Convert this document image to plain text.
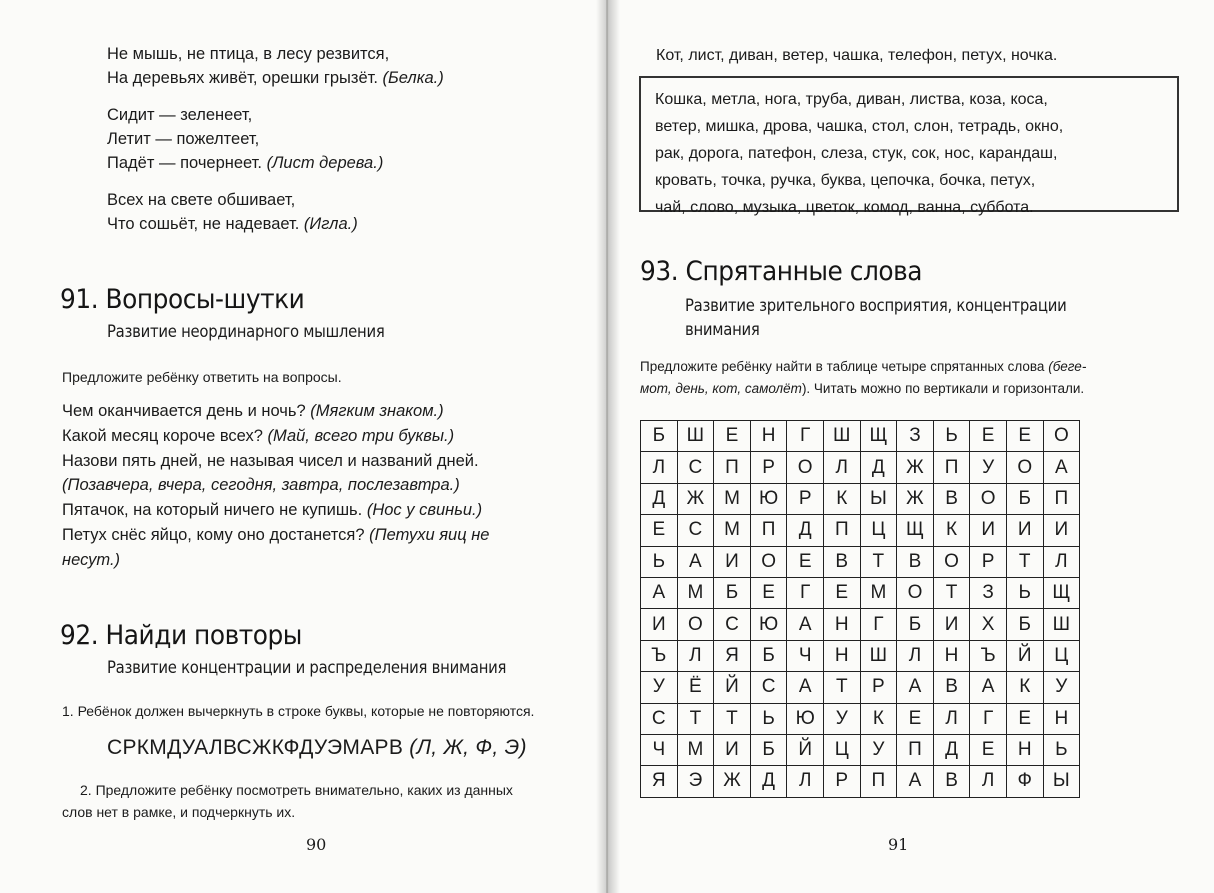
Не мышь, не птица, в лесу резвится,
На деревьях живёт, орешки грызёт. (Белка.)
Сидит — зеленеет,
Летит — пожелтеет,
Падёт — почернеет. (Лист дерева.)
Всех на свете обшивает,
Что сошьёт, не надевает. (Игла.)
91. Вопросы-шутки
Развитие неординарного мышления
Предложите ребёнку ответить на вопросы.
Чем оканчивается день и ночь? (Мягким знаком.)
Какой месяц короче всех? (Май, всего три буквы.)
Назови пять дней, не называя чисел и названий дней.
(Позавчера, вчера, сегодня, завтра, послезавтра.)
Пятачок, на который ничего не купишь. (Нос у свиньи.)
Петух снёс яйцо, кому оно достанется? (Петухи яиц не
несут.)
92. Найди повторы
Развитие концентрации и распределения внимания
1. Ребёнок должен вычеркнуть в строке буквы, которые не повторяются.
СРКМДУАЛВСЖКФДУЭМАРВ (Л, Ж, Ф, Э)
2. Предложите ребёнку посмотреть внимательно, каких из данных
слов нет в рамке, и подчеркнуть их.
90
Кот, лист, диван, ветер, чашка, телефон, петух, ночка.
Кошка, метла, нога, труба, диван, листва, коза, коса,
ветер, мишка, дрова, чашка, стол, слон, тетрадь, окно,
рак, дорога, патефон, слеза, стук, сок, нос, карандаш,
кровать, точка, ручка, буква, цепочка, бочка, петух,
чай, слово, музыка, цветок, комод, ванна, суббота.
93. Спрятанные слова
Развитие зрительного восприятия, концентрации
внимания
Предложите ребёнку найти в таблице четыре спрятанных слова (беге-
мот, день, кот, самолёт). Читать можно по вертикали и горизонтали.
Б	Ш	Е	Н	Г	Ш	Щ	З	Ь	Е	Е	О
Л	С	П	Р	О	Л	Д	Ж	П	У	О	А
Д	Ж	М	Ю	Р	К	Ы	Ж	В	О	Б	П
Е	С	М	П	Д	П	Ц	Щ	К	И	И	И
Ь	А	И	О	Е	В	Т	В	О	Р	Т	Л
А	М	Б	Е	Г	Е	М	О	Т	З	Ь	Щ
И	О	С	Ю	А	Н	Г	Б	И	Х	Б	Ш
Ъ	Л	Я	Б	Ч	Н	Ш	Л	Н	Ъ	Й	Ц
У	Ё	Й	С	А	Т	Р	А	В	А	К	У
С	Т	Т	Ь	Ю	У	К	Е	Л	Г	Е	Н
Ч	М	И	Б	Й	Ц	У	П	Д	Е	Н	Ь
Я	Э	Ж	Д	Л	Р	П	А	В	Л	Ф	Ы
91
